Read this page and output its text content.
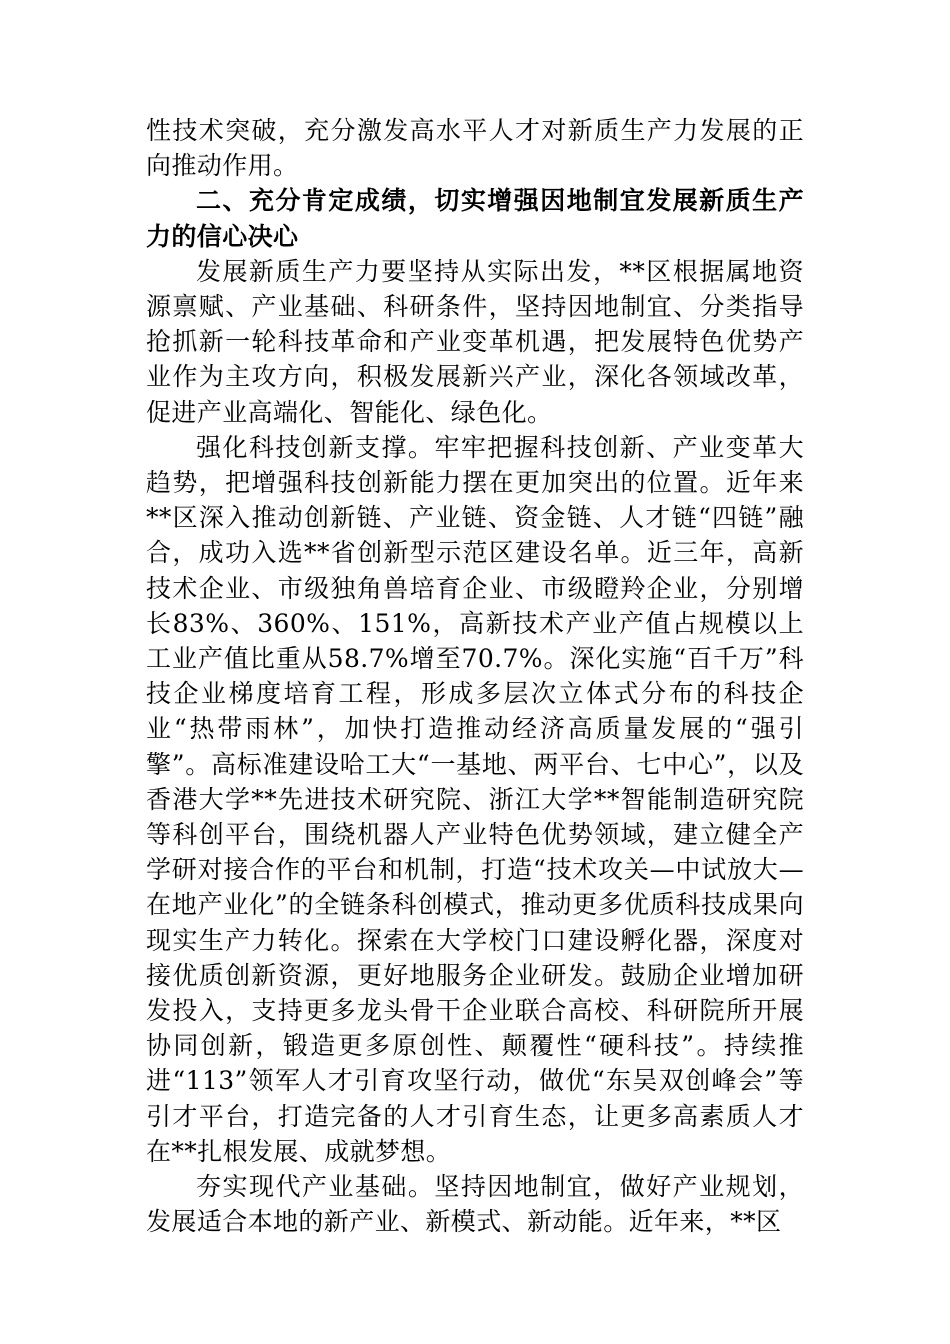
性技术突破，充分激发高水平人才对新质生产力发展的正向推动作用。

二、充分肯定成绩，切实增强因地制宜发展新质生产力的信心决心

发展新质生产力要坚持从实际出发，**区根据属地资源禀赋、产业基础、科研条件，坚持因地制宜、分类指导抢抓新一轮科技革命和产业变革机遇，把发展特色优势产业作为主攻方向，积极发展新兴产业，深化各领域改革，促进产业高端化、智能化、绿色化。

强化科技创新支撑。牢牢把握科技创新、产业变革大趋势，把增强科技创新能力摆在更加突出的位置。近年来**区深入推动创新链、产业链、资金链、人才链“四链”融合，成功入选**省创新型示范区建设名单。近三年，高新技术企业、市级独角兽培育企业、市级瞪羚企业，分别增长83%、360%、151%，高新技术产业产值占规模以上工业产值比重从58.7%增至70.7%。深化实施“百千万”科技企业梯度培育工程，形成多层次立体式分布的科技企业“热带雨林”，加快打造推动经济高质量发展的“强引擎”。高标准建设哈工大“一基地、两平台、七中心”，以及香港大学**先进技术研究院、浙江大学**智能制造研究院等科创平台，围绕机器人产业特色优势领域，建立健全产学研对接合作的平台和机制，打造“技术攻关—中试放大—在地产业化”的全链条科创模式，推动更多优质科技成果向现实生产力转化。探索在大学校门口建设孵化器，深度对接优质创新资源，更好地服务企业研发。鼓励企业增加研发投入，支持更多龙头骨干企业联合高校、科研院所开展协同创新，锻造更多原创性、颠覆性“硬科技”。持续推进“113”领军人才引育攻坚行动，做优“东吴双创峰会”等引才平台，打造完备的人才引育生态，让更多高素质人才在**扎根发展、成就梦想。

夯实现代产业基础。坚持因地制宜，做好产业规划，发展适合本地的新产业、新模式、新动能。近年来，**区
